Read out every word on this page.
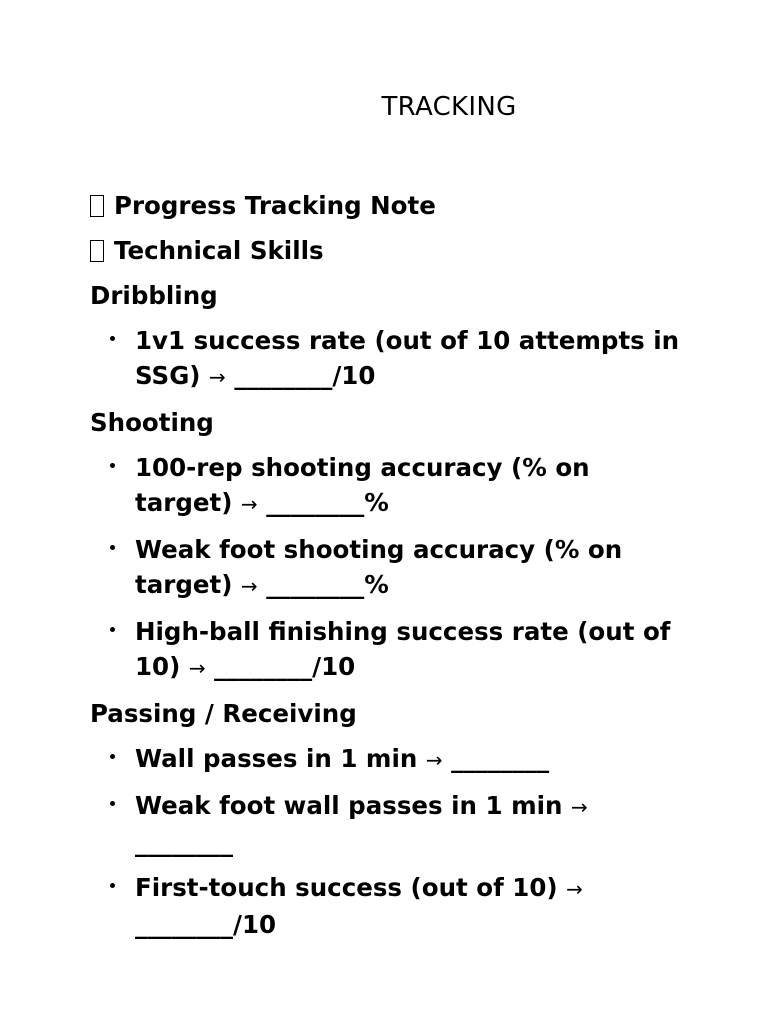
TRACKING
Progress Tracking Note
Technical Skills
Dribbling
1v1 success rate (out of 10 attempts in SSG) → ________/10
Shooting
100-rep shooting accuracy (% on target) → ________%
Weak foot shooting accuracy (% on target) → ________%
High-ball finishing success rate (out of 10) → ________/10
Passing / Receiving
Wall passes in 1 min → ________
Weak foot wall passes in 1 min → ________
First-touch success (out of 10) → ________/10
